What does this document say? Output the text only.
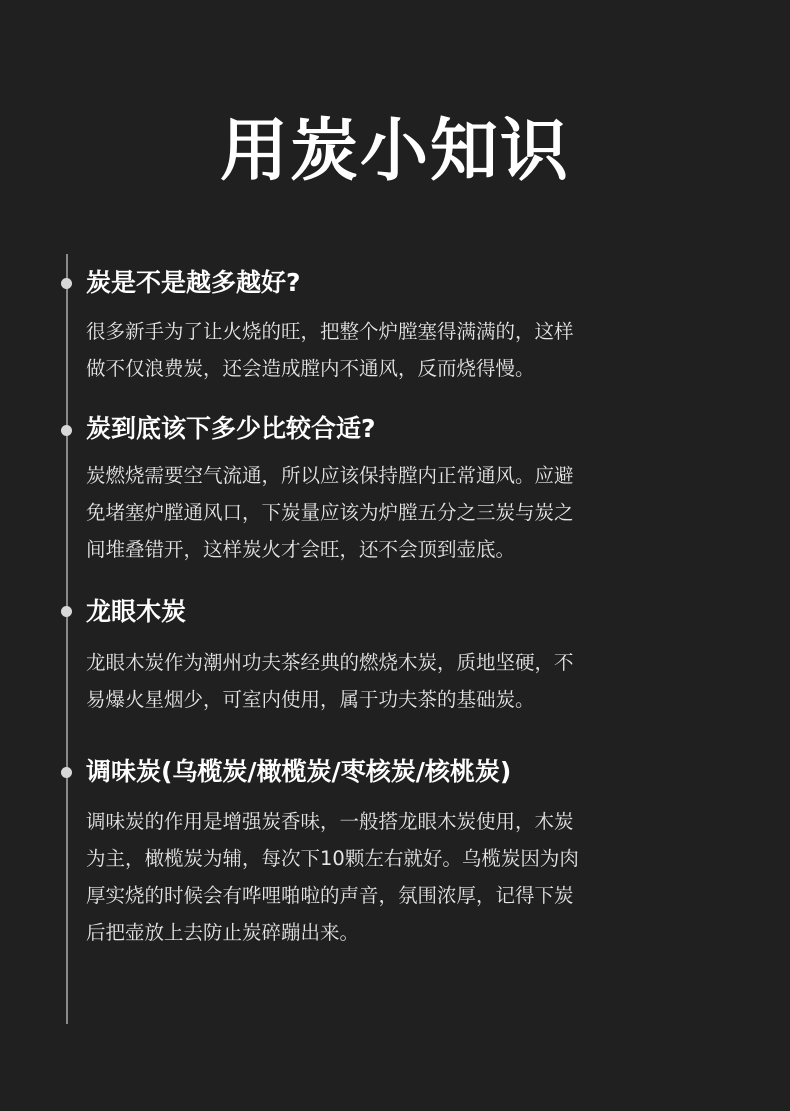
用炭小知识
炭是不是越多越好?
很多新手为了让火烧的旺，把整个炉膛塞得满满的，这样
做不仅浪费炭，还会造成膛内不通风，反而烧得慢。
炭到底该下多少比较合适?
炭燃烧需要空气流通，所以应该保持膛内正常通风。应避
免堵塞炉膛通风口，下炭量应该为炉膛五分之三炭与炭之
间堆叠错开，这样炭火才会旺，还不会顶到壶底。
龙眼木炭
龙眼木炭作为潮州功夫茶经典的燃烧木炭，质地坚硬，不
易爆火星烟少，可室内使用，属于功夫茶的基础炭。
调味炭(乌榄炭/橄榄炭/枣核炭/核桃炭)
调味炭的作用是增强炭香味，一般搭龙眼木炭使用，木炭
为主，橄榄炭为辅，每次下10颗左右就好。乌榄炭因为肉
厚实烧的时候会有哗哩啪啦的声音，氛围浓厚，记得下炭
后把壶放上去防止炭碎蹦出来。
